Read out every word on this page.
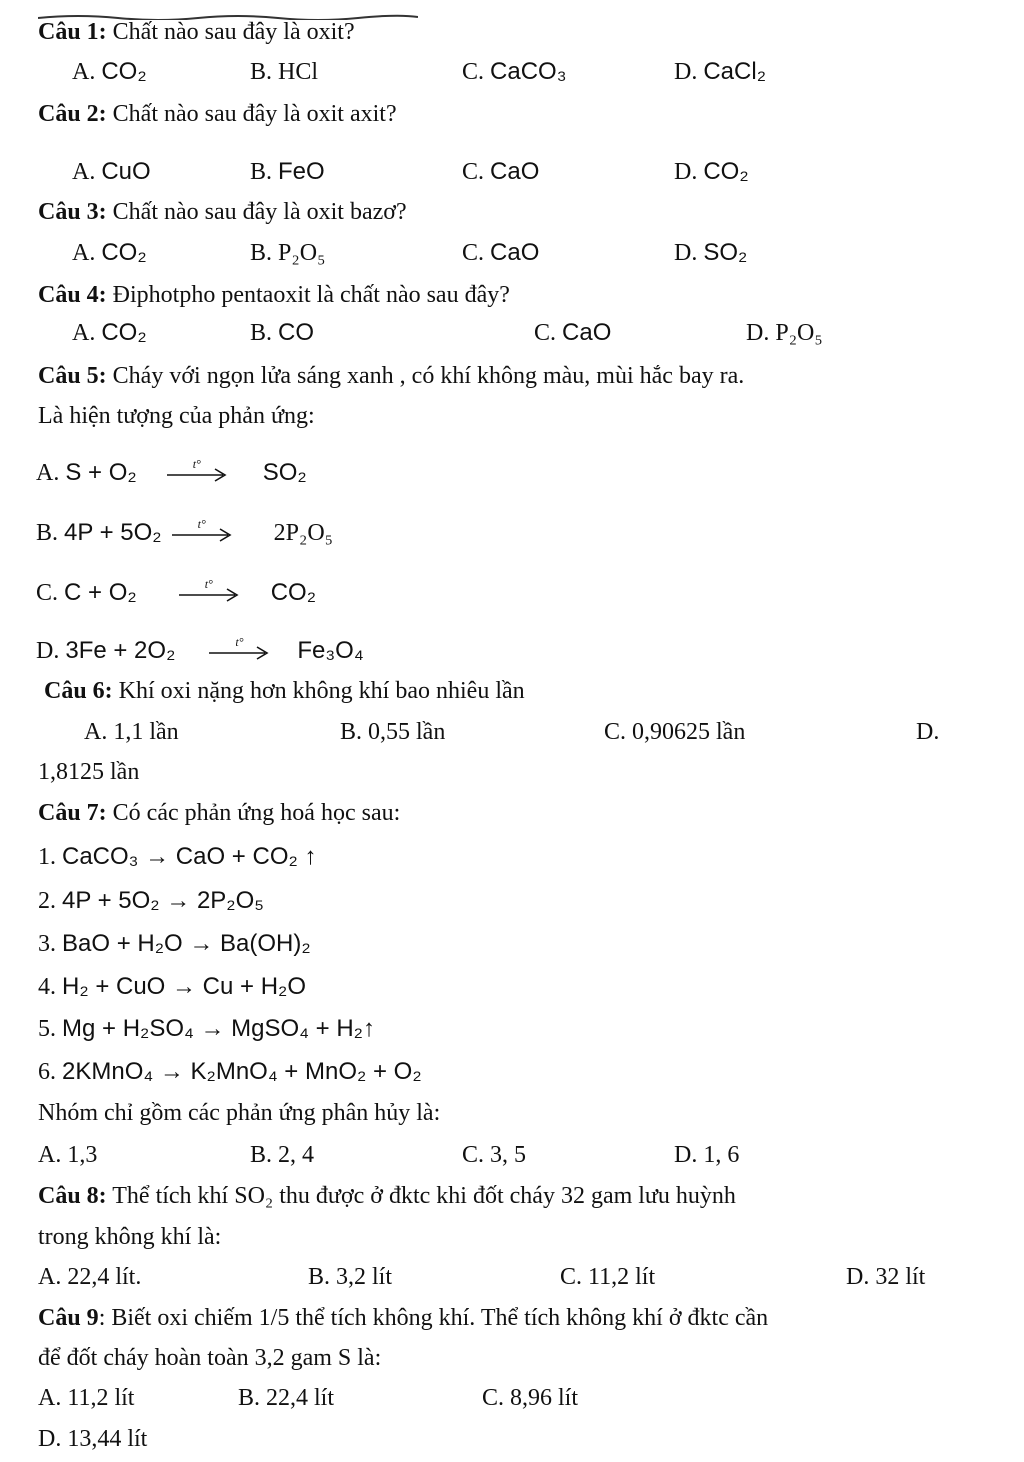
Câu 1: Chất nào sau đây là oxit?
A. CO₂	B. HCl	C. CaCO₃	D. CaCl₂
Câu 2: Chất nào sau đây là oxit axit?
A. CuO	B. FeO	C. CaO	D. CO₂
Câu 3: Chất nào sau đây là oxit bazơ?
A. CO₂	B. P₂O₅	C. CaO	D. SO₂
Câu 4: Điphotpho pentaoxit là chất nào sau đây?
A. CO₂	B. CO	C. CaO	D. P₂O₅
Câu 5: Cháy với ngọn lửa sáng xanh , có khí không màu, mùi hắc bay ra.
Là hiện tượng của phản ứng:
A. S + O₂	t°	SO₂
B. 4P + 5O₂	t°	2P₂O₅
C. C + O₂	t° CO₂
D. 3Fe + 2O₂	t° Fe₃O₄
Câu 6: Khí oxi nặng hơn không khí bao nhiêu lần
A. 1,1 lần	B. 0,55 lần	C. 0,90625 lần	D.
1,8125 lần
Câu 7: Có các phản ứng hoá học sau:
1. CaCO₃ → CaO + CO₂ ↑
2. 4P + 5O₂ → 2P₂O₅
3. BaO + H₂O → Ba(OH)₂
4. H₂ + CuO → Cu + H₂O
5. Mg + H₂SO₄ → MgSO₄ + H₂↑
6. 2KMnO₄ → K₂MnO₄ + MnO₂ + O₂
Nhóm chỉ gồm các phản ứng phân hủy là:
A. 1,3	B. 2, 4	C. 3, 5	D. 1, 6
Câu 8: Thể tích khí SO₂ thu được ở đktc khi đốt cháy 32 gam lưu huỳnh
trong không khí là:
A. 22,4 lít.	B. 3,2 lít	C. 11,2 lít	D. 32 lít
Câu 9: Biết oxi chiếm 1/5 thể tích không khí. Thể tích không khí ở đktc cần
để đốt cháy hoàn toàn 3,2 gam S là:
A. 11,2 lít	B. 22,4 lít	C. 8,96 lít
D. 13,44 lít
